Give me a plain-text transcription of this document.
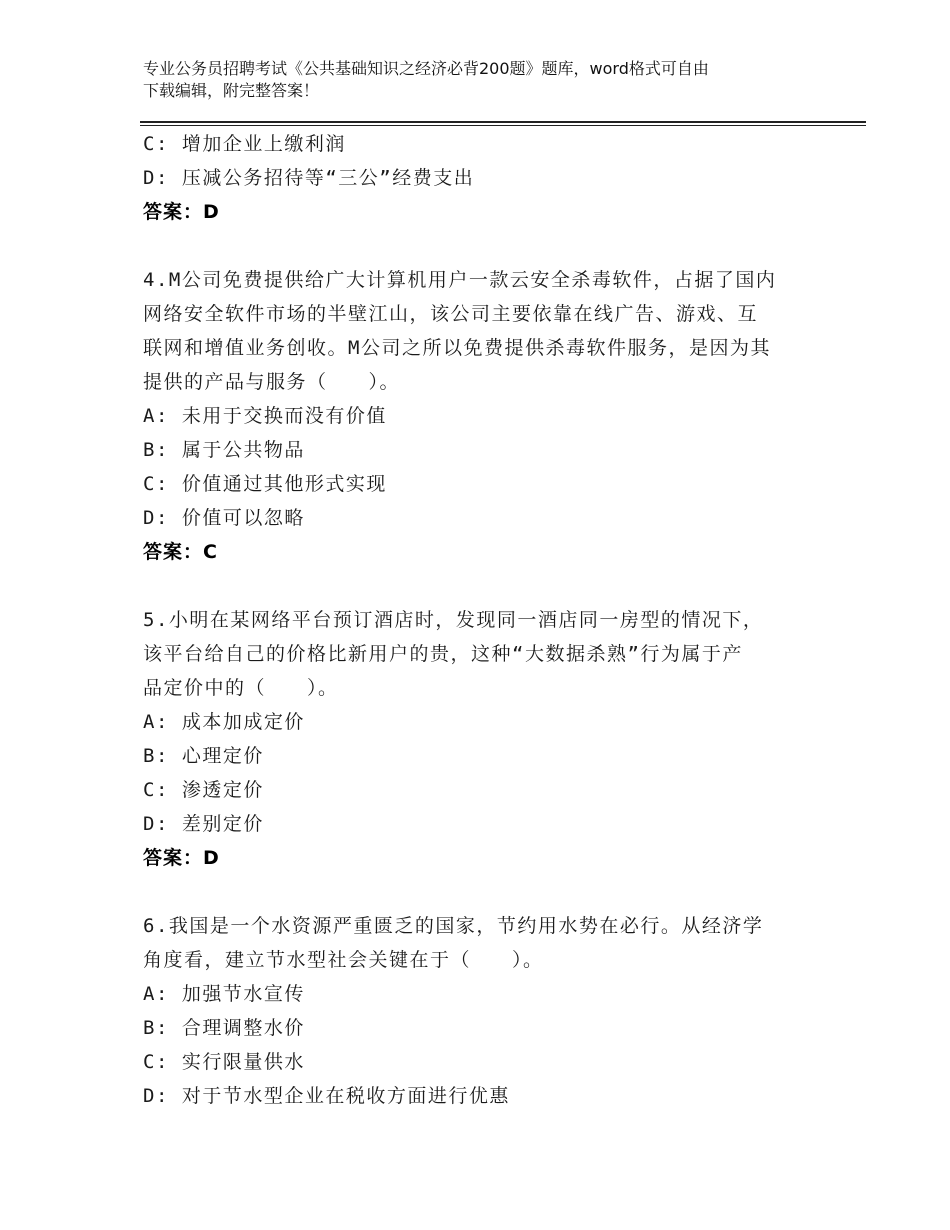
专业公务员招聘考试《公共基础知识之经济必背200题》题库，word格式可自由
下载编辑，附完整答案！
C: 增加企业上缴利润
D: 压减公务招待等“三公”经费支出
答案：D
4.M公司免费提供给广大计算机用户一款云安全杀毒软件，占据了国内
网络安全软件市场的半壁江山，该公司主要依靠在线广告、游戏、互
联网和增值业务创收。M公司之所以免费提供杀毒软件服务，是因为其
提供的产品与服务（　　）。
A: 未用于交换而没有价值
B: 属于公共物品
C: 价值通过其他形式实现
D: 价值可以忽略
答案：C
5.小明在某网络平台预订酒店时，发现同一酒店同一房型的情况下，
该平台给自己的价格比新用户的贵，这种“大数据杀熟”行为属于产
品定价中的（　　）。
A: 成本加成定价
B: 心理定价
C: 渗透定价
D: 差别定价
答案：D
6.我国是一个水资源严重匮乏的国家，节约用水势在必行。从经济学
角度看，建立节水型社会关键在于（　　）。
A: 加强节水宣传
B: 合理调整水价
C: 实行限量供水
D: 对于节水型企业在税收方面进行优惠
